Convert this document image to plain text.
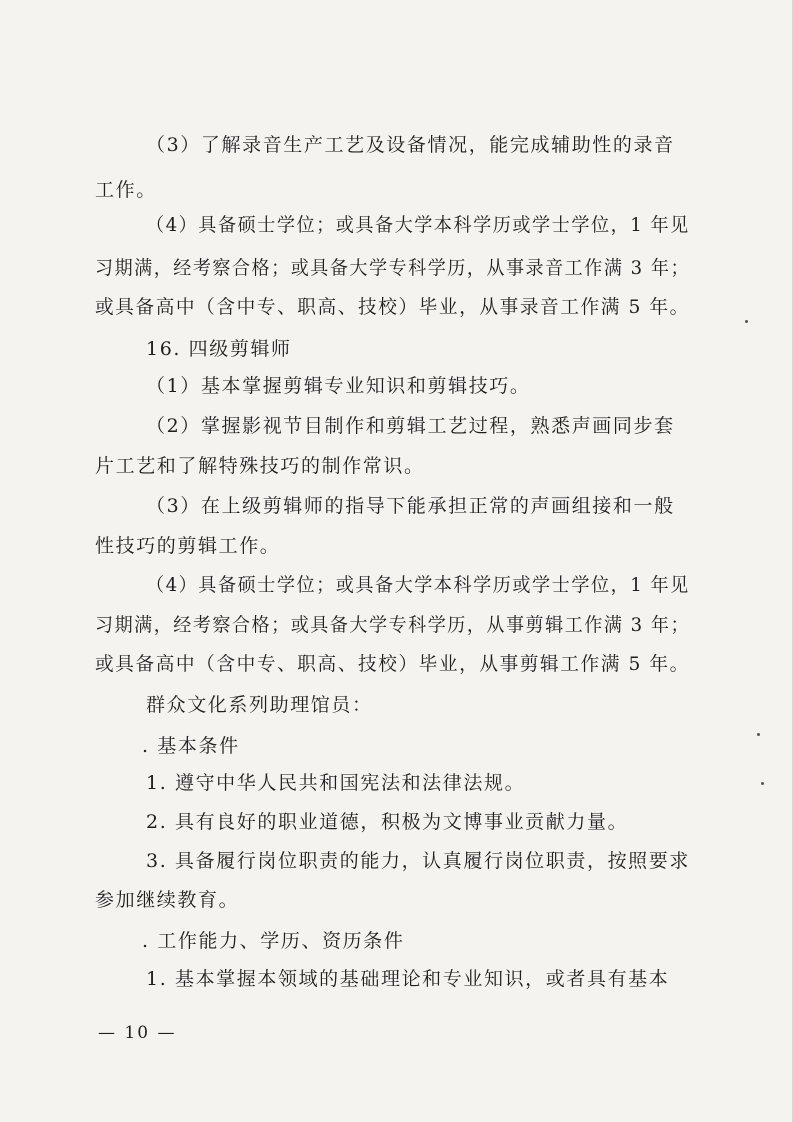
（3）了解录音生产工艺及设备情况，能完成辅助性的录音
工作。
（4）具备硕士学位；或具备大学本科学历或学士学位，1 年见
习期满，经考察合格；或具备大学专科学历，从事录音工作满 3 年；
或具备高中（含中专、职高、技校）毕业，从事录音工作满 5 年。
16. 四级剪辑师
（1）基本掌握剪辑专业知识和剪辑技巧。
（2）掌握影视节目制作和剪辑工艺过程，熟悉声画同步套
片工艺和了解特殊技巧的制作常识。
（3）在上级剪辑师的指导下能承担正常的声画组接和一般
性技巧的剪辑工作。
（4）具备硕士学位；或具备大学本科学历或学士学位，1 年见
习期满，经考察合格；或具备大学专科学历，从事剪辑工作满 3 年；
或具备高中（含中专、职高、技校）毕业，从事剪辑工作满 5 年。
群众文化系列助理馆员：
. 基本条件
1. 遵守中华人民共和国宪法和法律法规。
2. 具有良好的职业道德，积极为文博事业贡献力量。
3. 具备履行岗位职责的能力，认真履行岗位职责，按照要求
参加继续教育。
. 工作能力、学历、资历条件
1. 基本掌握本领域的基础理论和专业知识，或者具有基本
— 10 —
